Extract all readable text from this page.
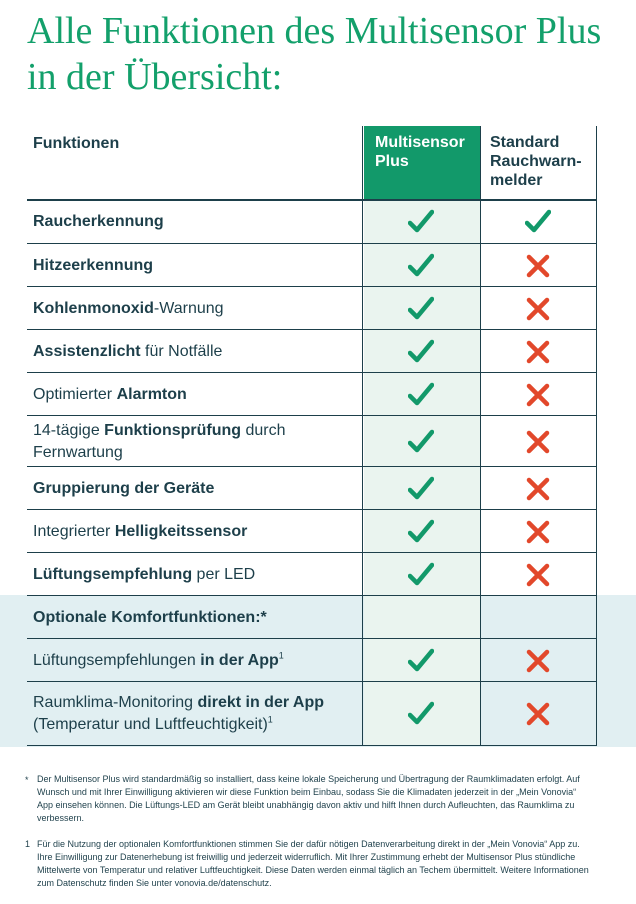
Alle Funktionen des Multisensor Plus in der Übersicht:
Funktionen	Multisensor
Plus
Standard
Rauchwarn-
melder
Raucherkennung
Hitzeerkennung
Kohlenmonoxid-Warnung
Assistenzlicht für Notfälle
Optimierter Alarmton
14-tägige Funktionsprüfung durch Fernwartung
Gruppierung der Geräte
Integrierter Helligkeitssensor
Lüftungsempfehlung per LED
Optionale Komfortfunktionen:*
Lüftungsempfehlungen in der App$^1$
Raumklima-Monitoring direkt in der App (Temperatur und Luftfeuchtigkeit)$^1$
* Der Multisensor Plus wird standardmäßig so installiert, dass keine lokale Speicherung und Übertragung der Raumklimadaten erfolgt. Auf Wunsch und mit Ihrer Einwilligung aktivieren wir diese Funktion beim Einbau, sodass Sie die Klimadaten jederzeit in der „Mein Vonovia“ App einsehen können. Die Lüftungs-LED am Gerät bleibt unabhängig davon aktiv und hilft Ihnen durch Aufleuchten, das Raumklima zu verbessern.
1 Für die Nutzung der optionalen Komfortfunktionen stimmen Sie der dafür nötigen Datenverarbeitung direkt in der „Mein Vonovia“ App zu. Ihre Einwilligung zur Datenerhebung ist freiwillig und jederzeit widerruflich. Mit Ihrer Zustimmung erhebt der Multisensor Plus stündliche Mittelwerte von Temperatur und relativer Luftfeuchtigkeit. Diese Daten werden einmal täglich an Techem übermittelt. Weitere Informationen zum Datenschutz finden Sie unter vonovia.de/datenschutz.
